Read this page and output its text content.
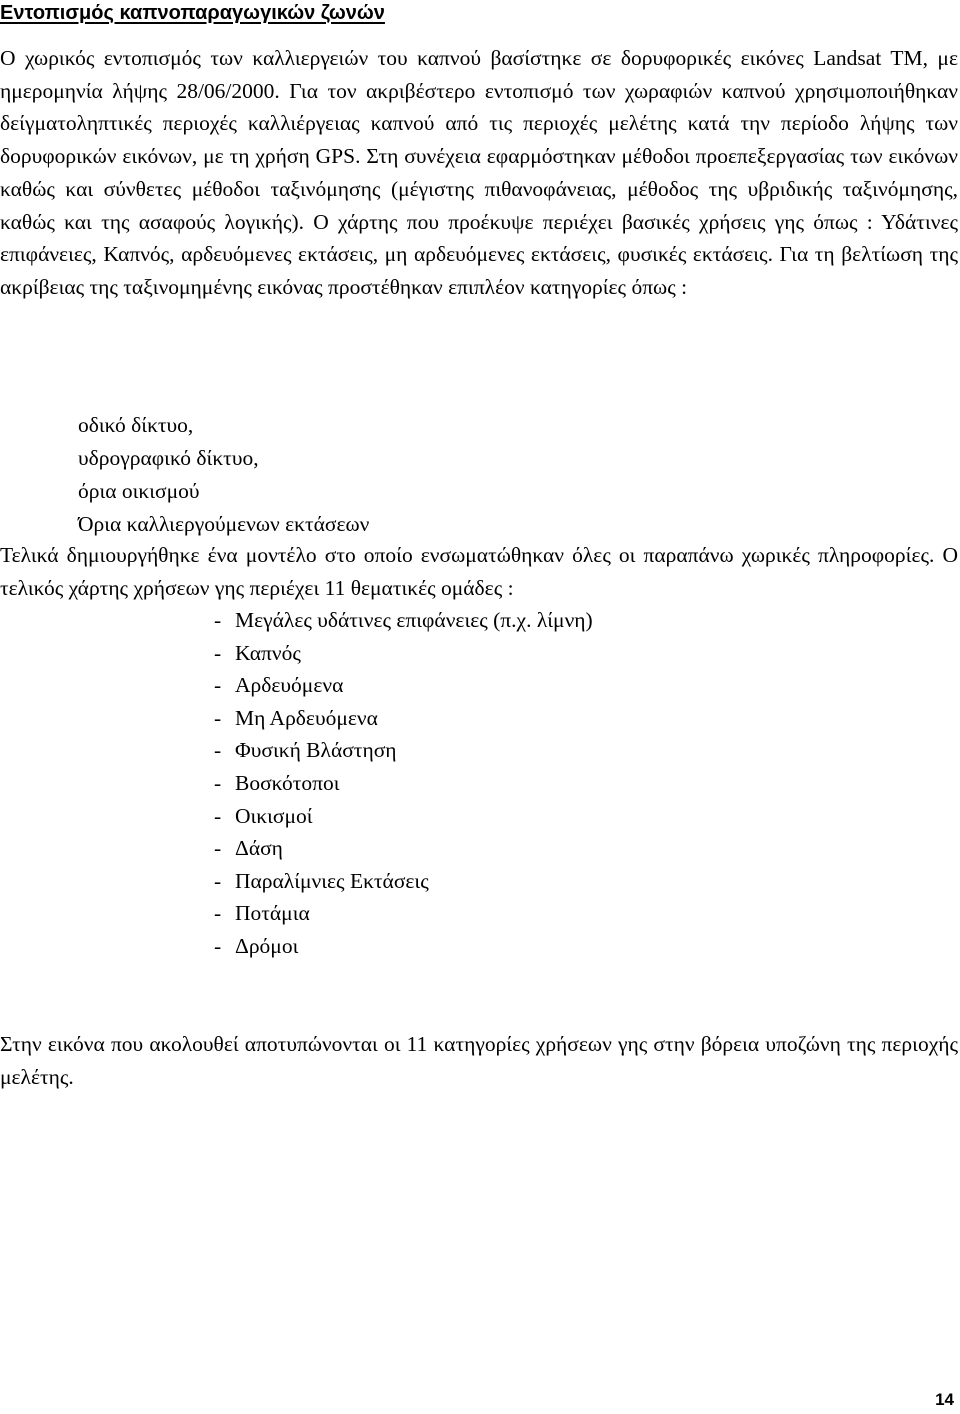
Εντοπισμός καπνοπαραγωγικών ζωνών

Ο χωρικός εντοπισμός των καλλιεργειών του καπνού βασίστηκε σε δορυφορικές εικόνες Landsat TM, με ημερομηνία λήψης 28/06/2000. Για τον ακριβέστερο εντοπισμό των χωραφιών καπνού χρησιμοποιήθηκαν δείγματοληπτικές περιοχές καλλιέργειας καπνού από τις περιοχές μελέτης κατά την περίοδο λήψης των δορυφορικών εικόνων, με τη χρήση GPS. Στη συνέχεια εφαρμόστηκαν μέθοδοι προεπεξεργασίας των εικόνων καθώς και σύνθετες μέθοδοι ταξινόμησης (μέγιστης πιθανοφάνειας, μέθοδος της υβριδικής ταξινόμησης, καθώς και της ασαφούς λογικής). Ο χάρτης που προέκυψε περιέχει βασικές χρήσεις γης όπως : Υδάτινες επιφάνειες, Καπνός, αρδευόμενες εκτάσεις, μη αρδευόμενες εκτάσεις, φυσικές εκτάσεις. Για τη βελτίωση της ακρίβειας της ταξινομημένης εικόνας προστέθηκαν επιπλέον κατηγορίες όπως :

οδικό δίκτυο,
υδρογραφικό δίκτυο,
όρια οικισμού
Όρια καλλιεργούμενων εκτάσεων

Τελικά δημιουργήθηκε ένα μοντέλο στο οποίο ενσωματώθηκαν όλες οι παραπάνω χωρικές πληροφορίες. Ο τελικός χάρτης χρήσεων γης περιέχει 11 θεματικές ομάδες :

- Μεγάλες υδάτινες επιφάνειες (π.χ. λίμνη)
- Καπνός
- Αρδευόμενα
- Μη Αρδευόμενα
- Φυσική Βλάστηση
- Βοσκότοποι
- Οικισμοί
- Δάση
- Παραλίμνιες Εκτάσεις
- Ποτάμια
- Δρόμοι

Στην εικόνα που ακολουθεί αποτυπώνονται οι 11 κατηγορίες χρήσεων γης στην βόρεια υποζώνη της περιοχής μελέτης.

14
